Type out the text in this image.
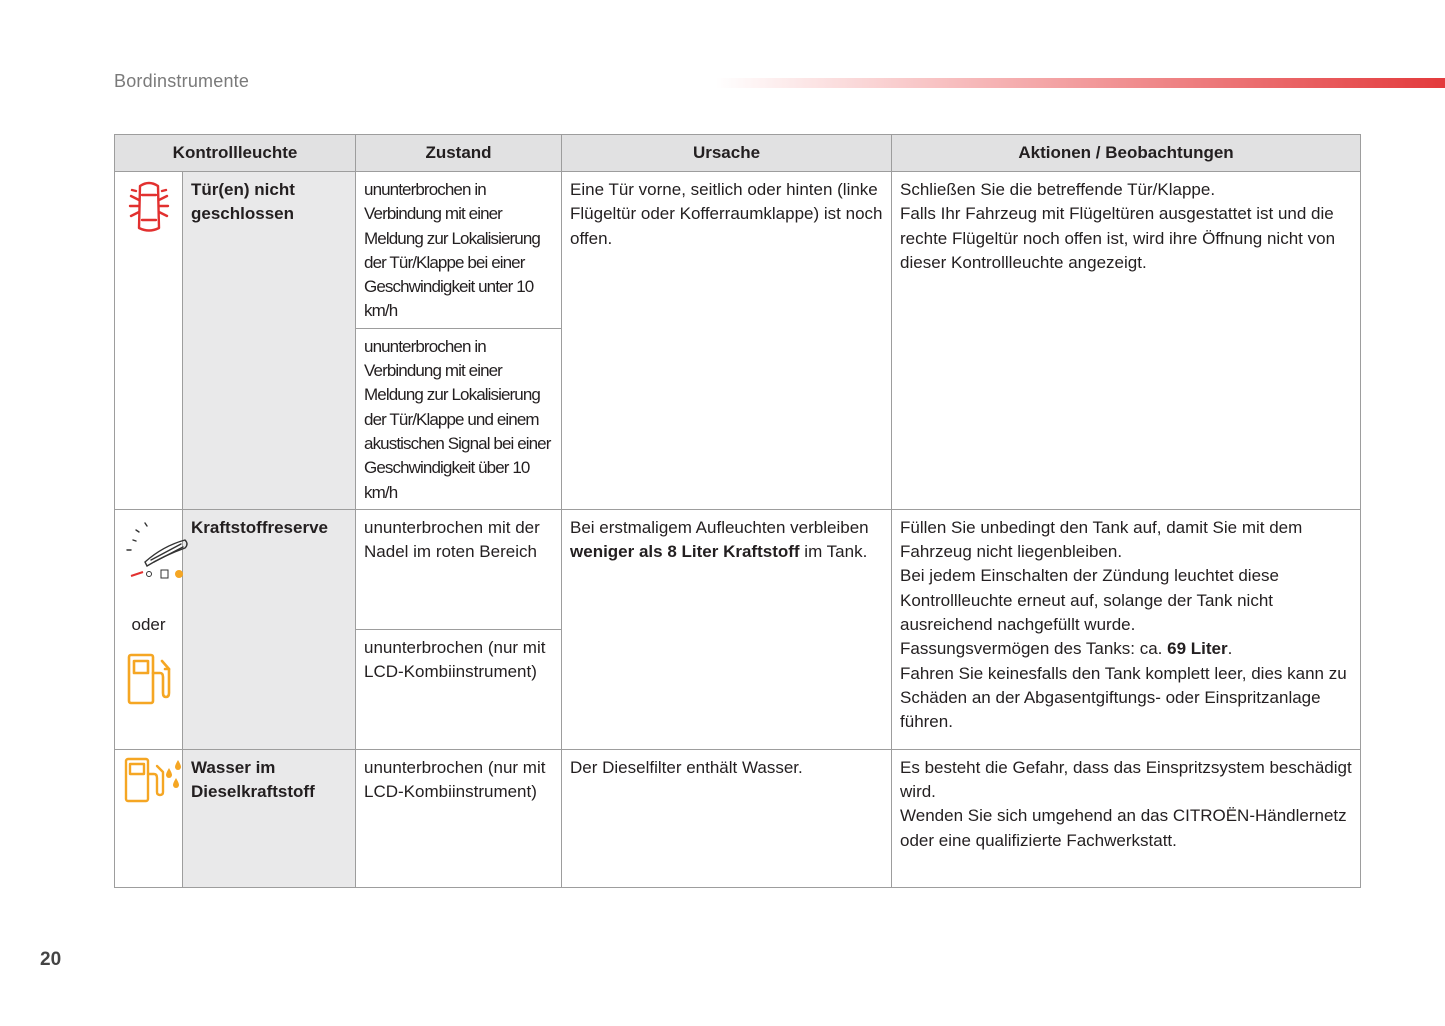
Bordinstrumente
Kontrollleuchte		Zustand	Ursache	Aktionen / Beobachtungen
	Tür(en) nicht geschlossen	ununterbrochen in Verbindung mit einer Meldung zur Lokalisierung der Tür/Klappe bei einer Geschwindigkeit unter 10 km/h	Eine Tür vorne, seitlich oder hinten (linke Flügeltür oder Kofferraumklappe) ist noch offen.	Schließen Sie die betreffende Tür/Klappe.
Falls Ihr Fahrzeug mit Flügeltüren ausgestattet ist und die rechte Flügeltür noch offen ist, wird ihre Öffnung nicht von dieser Kontrollleuchte angezeigt.

		ununterbrochen in Verbindung mit einer Meldung zur Lokalisierung der Tür/Klappe und einem akustischen Signal bei einer Geschwindigkeit über 10 km/h		

oder	Kraftstoffreserve	ununterbrochen mit der Nadel im roten Bereich	Bei erstmaligem Aufleuchten verbleiben weniger als 8 Liter Kraftstoff im Tank.	Füllen Sie unbedingt den Tank auf, damit Sie mit dem Fahrzeug nicht liegenbleiben.
Bei jedem Einschalten der Zündung leuchtet diese Kontrollleuchte erneut auf, solange der Tank nicht ausreichend nachgefüllt wurde.
Fassungsvermögen des Tanks: ca. 69 Liter.
Fahren Sie keinesfalls den Tank komplett leer, dies kann zu Schäden an der Abgasentgiftungs- oder Einspritzanlage führen.

		ununterbrochen (nur mit LCD-Kombiinstrument)		
	Wasser im Dieselkraftstoff	ununterbrochen (nur mit LCD-Kombiinstrument)	Der Dieselfilter enthält Wasser.	Es besteht die Gefahr, dass das Einspritzsystem beschädigt wird.
Wenden Sie sich umgehend an das CITROËN-Händlernetz oder eine qualifizierte Fachwerkstatt.
20
